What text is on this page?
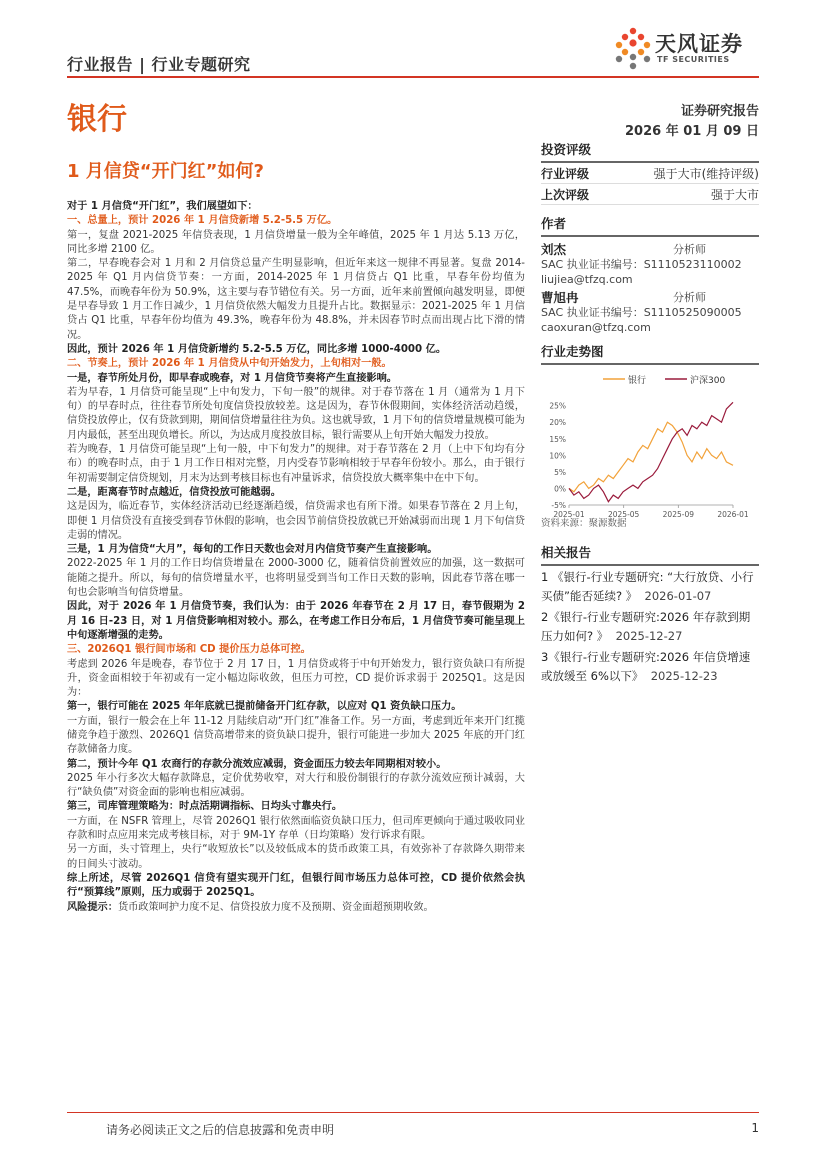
行业报告 | 行业专题研究
天风证券
TF SECURITIES
银行	证券研究报告
2026 年 01 月 09 日
1 月信贷“开门红”如何?
投资评级
行业评级	强于大市(维持评级)
上次评级	强于大市
作者
刘杰	分析师
SAC 执业证书编号：S1110523110002
liujiea@tfzq.com
曹旭冉	分析师
SAC 执业证书编号：S1110525090005
caoxuran@tfzq.com
行业走势图
银行	沪深300
25%
20%
15%
10%
5%
0%
-5%
2025-01	2025-05	2025-09	2026-01
资料来源：聚源数据
相关报告
1 《银行-行业专题研究: “大行放贷、小行买债”能否延续? 》 2026-01-07
2《银行-行业专题研究:2026 年存款到期压力如何? 》 2025-12-27
3《银行-行业专题研究:2026 年信贷增速或放缓至 6%以下》 2025-12-23

对于 1 月信贷“开门红”，我们展望如下：

一、总量上，预计 2026 年 1 月信贷新增 5.2-5.5 万亿。

第一，复盘 2021-2025 年信贷表现，1 月信贷增量一般为全年峰值，2025 年 1 月达 5.13 万亿，同比多增 2100 亿。

第二，早春晚春会对 1 月和 2 月信贷总量产生明显影响，但近年来这一规律不再显著。复盘 2014-2025 年 Q1 月内信贷节奏：一方面，2014-2025 年 1 月信贷占 Q1 比重，早春年份均值为 47.5%，而晚春年份为 50.9%，这主要与春节错位有关。另一方面，近年来前置倾向越发明显，即便是早春导致 1 月工作日减少，1 月信贷依然大幅发力且提升占比。数据显示：2021-2025 年 1 月信贷占 Q1 比重，早春年份均值为 49.3%，晚春年份为 48.8%，并未因春节时点而出现占比下滑的情况。

因此，预计 2026 年 1 月信贷新增约 5.2-5.5 万亿，同比多增 1000-4000 亿。

二、节奏上，预计 2026 年 1 月信贷从中旬开始发力，上旬相对一般。

一是，春节所处月份，即早春或晚春，对 1 月信贷节奏将产生直接影响。

若为早春，1 月信贷可能呈现“上中旬发力，下旬一般”的规律。对于春节落在 1 月（通常为 1 月下旬）的早春时点，往往春节所处旬度信贷投放较差。这是因为，春节休假期间，实体经济活动趋缓，信贷投放停止，仅有贷款到期，期间信贷增量往往为负。这也就导致，1 月下旬的信贷增量规模可能为月内最低，甚至出现负增长。所以，为达成月度投放目标，银行需要从上旬开始大幅发力投放。

若为晚春，1 月信贷可能呈现“上旬一般，中下旬发力”的规律。对于春节落在 2 月（上中下旬均有分布）的晚春时点，由于 1 月工作日相对完整，月内受春节影响相较于早春年份较小。那么，由于银行年初需要制定信贷规划，月末为达到考核目标也有冲量诉求，信贷投放大概率集中在中下旬。

二是，距离春节时点越近，信贷投放可能越弱。

这是因为，临近春节，实体经济活动已经逐渐趋缓，信贷需求也有所下滑。如果春节落在 2 月上旬，即便 1 月信贷没有直接受到春节休假的影响，也会因节前信贷投放就已开始减弱而出现 1 月下旬信贷走弱的情况。

三是，1 月为信贷“大月”，每旬的工作日天数也会对月内信贷节奏产生直接影响。

2022-2025 年 1 月的工作日均信贷增量在 2000-3000 亿，随着信贷前置效应的加强，这一数据可能随之提升。所以，每旬的信贷增量水平，也将明显受到当旬工作日天数的影响，因此春节落在哪一旬也会影响当旬信贷增量。

因此，对于 2026 年 1 月信贷节奏，我们认为：由于 2026 年春节在 2 月 17 日，春节假期为 2 月 16 日-23 日，对 1 月信贷影响相对较小。那么，在考虑工作日分布后，1 月信贷节奏可能呈现上中旬逐渐增强的走势。

三、2026Q1 银行间市场和 CD 提价压力总体可控。

考虑到 2026 年是晚春，春节位于 2 月 17 日，1 月信贷或将于中旬开始发力，银行资负缺口有所提升，资金面相较于年初或有一定小幅边际收敛，但压力可控，CD 提价诉求弱于 2025Q1。这是因为：

第一，银行可能在 2025 年年底就已提前储备开门红存款，以应对 Q1 资负缺口压力。

一方面，银行一般会在上年 11-12 月陆续启动“开门红”准备工作。另一方面，考虑到近年来开门红揽储竞争趋于激烈、2026Q1 信贷高增带来的资负缺口提升，银行可能进一步加大 2025 年底的开门红存款储备力度。

第二，预计今年 Q1 农商行的存款分流效应减弱，资金面压力较去年同期相对较小。

2025 年小行多次大幅存款降息，定价优势收窄，对大行和股份制银行的存款分流效应预计减弱，大行“缺负债”对资金面的影响也相应减弱。

第三，司库管理策略为：时点活期调指标、日均头寸靠央行。

一方面，在 NSFR 管理上，尽管 2026Q1 银行依然面临资负缺口压力，但司库更倾向于通过吸收同业存款和时点应用来完成考核目标，对于 9M-1Y 存单（日均策略）发行诉求有限。

另一方面，头寸管理上，央行“收短放长”以及较低成本的货币政策工具，有效弥补了存款降久期带来的日间头寸波动。

综上所述，尽管 2026Q1 信贷有望实现开门红，但银行间市场压力总体可控，CD 提价依然会执行“预算线”原则，压力或弱于 2025Q1。

风险提示：货币政策呵护力度不足、信贷投放力度不及预期、资金面超预期收敛。

请务必阅读正文之后的信息披露和免责申明	1
